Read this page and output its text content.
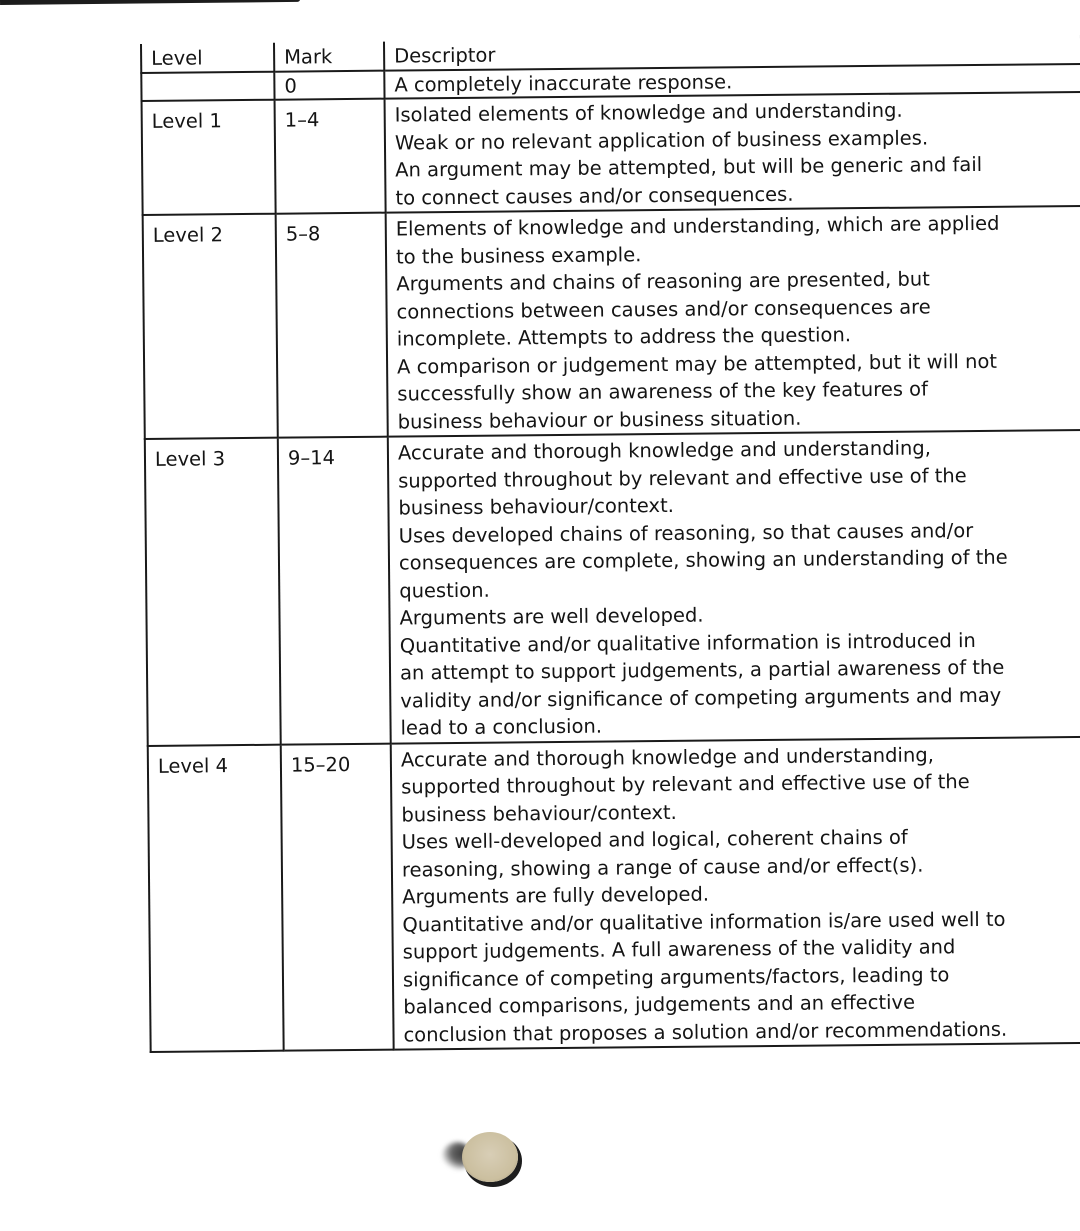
Level	Mark	Descriptor
	0	A completely inaccurate response.

Level 1	1–4	Isolated elements of knowledge and understanding.
Weak or no relevant application of business examples.
An argument may be attempted, but will be generic and fail
to connect causes and/or consequences.

Level 2	5–8	Elements of knowledge and understanding, which are applied
to the business example.
Arguments and chains of reasoning are presented, but
connections between causes and/or consequences are
incomplete. Attempts to address the question.
A comparison or judgement may be attempted, but it will not
successfully show an awareness of the key features of
business behaviour or business situation.

Level 3	9–14	Accurate and thorough knowledge and understanding,
supported throughout by relevant and effective use of the
business behaviour/context.
Uses developed chains of reasoning, so that causes and/or
consequences are complete, showing an understanding of the
question.
Arguments are well developed.
Quantitative and/or qualitative information is introduced in
an attempt to support judgements, a partial awareness of the
validity and/or significance of competing arguments and may
lead to a conclusion.

Level 4	15–20	Accurate and thorough knowledge and understanding,
supported throughout by relevant and effective use of the
business behaviour/context.
Uses well-developed and logical, coherent chains of
reasoning, showing a range of cause and/or effect(s).
Arguments are fully developed.
Quantitative and/or qualitative information is/are used well to
support judgements. A full awareness of the validity and
significance of competing arguments/factors, leading to
balanced comparisons, judgements and an effective
conclusion that proposes a solution and/or recommendations.
